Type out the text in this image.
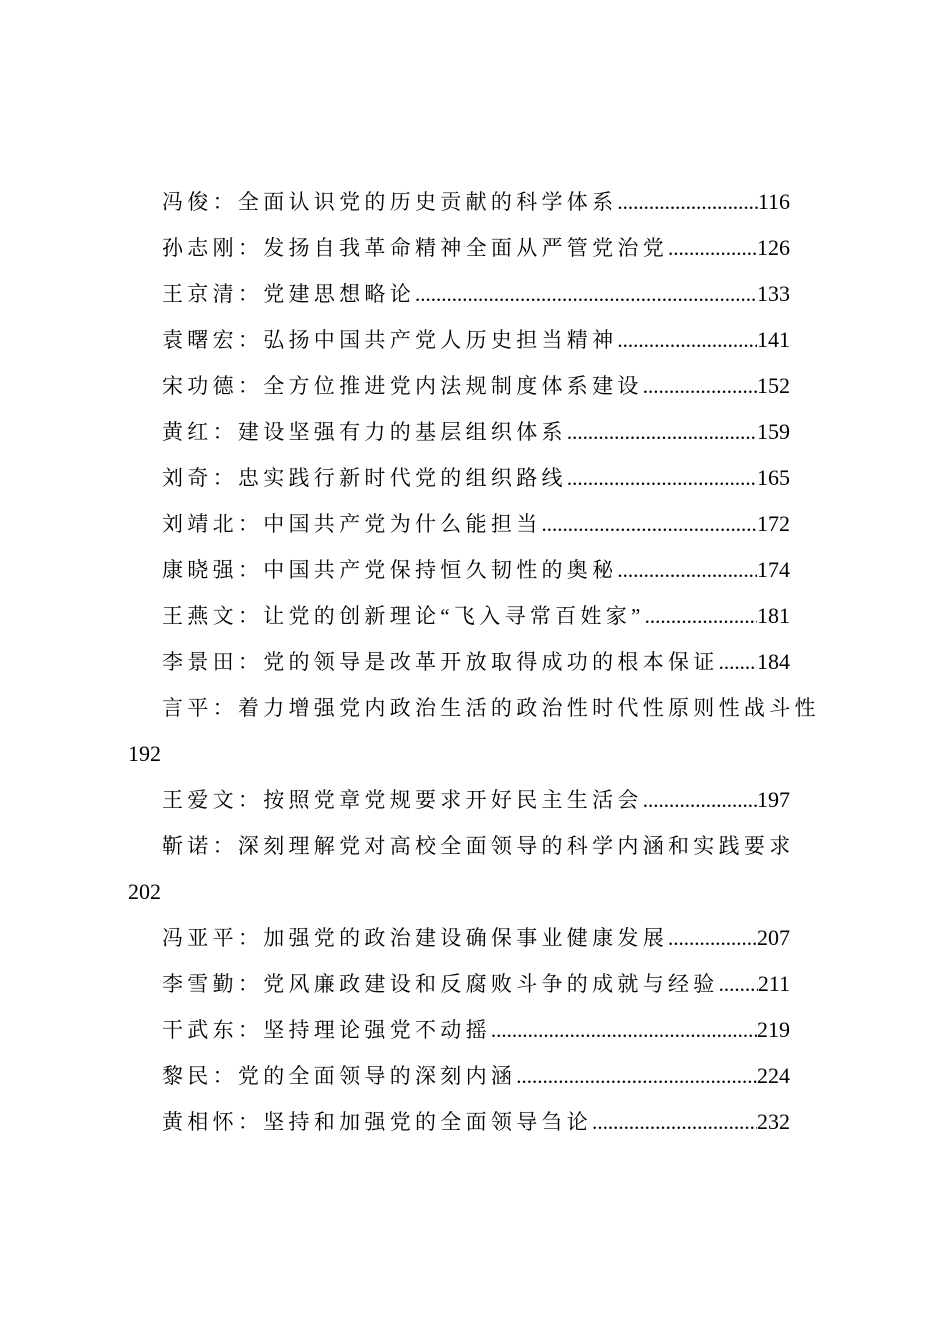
冯俊：全面认识党的历史贡献的科学体系 .....	116
孙志刚：发扬自我革命精神全面从严管党治党 .....	126
王京清：党建思想略论 .....	133
袁曙宏：弘扬中国共产党人历史担当精神 .....	141
宋功德：全方位推进党内法规制度体系建设 .....	152
黄红：建设坚强有力的基层组织体系 .....	159
刘奇：忠实践行新时代党的组织路线 .....	165
刘靖北：中国共产党为什么能担当 .....	172
康晓强：中国共产党保持恒久韧性的奥秘 .....	174
王燕文：让党的创新理论“飞入寻常百姓家” .....	181
李景田：党的领导是改革开放取得成功的根本保证 ..... 184
言平：着力增强党内政治生活的政治性时代性原则性战斗性
192
王爱文：按照党章党规要求开好民主生活会 .....	197
靳诺：深刻理解党对高校全面领导的科学内涵和实践要求
202
冯亚平：加强党的政治建设确保事业健康发展 .....	207
李雪勤：党风廉政建设和反腐败斗争的成就与经验 ..... 211
干武东：坚持理论强党不动摇 .....	219
黎民：党的全面领导的深刻内涵 .....	224
黄相怀：坚持和加强党的全面领导刍论 .....	232
